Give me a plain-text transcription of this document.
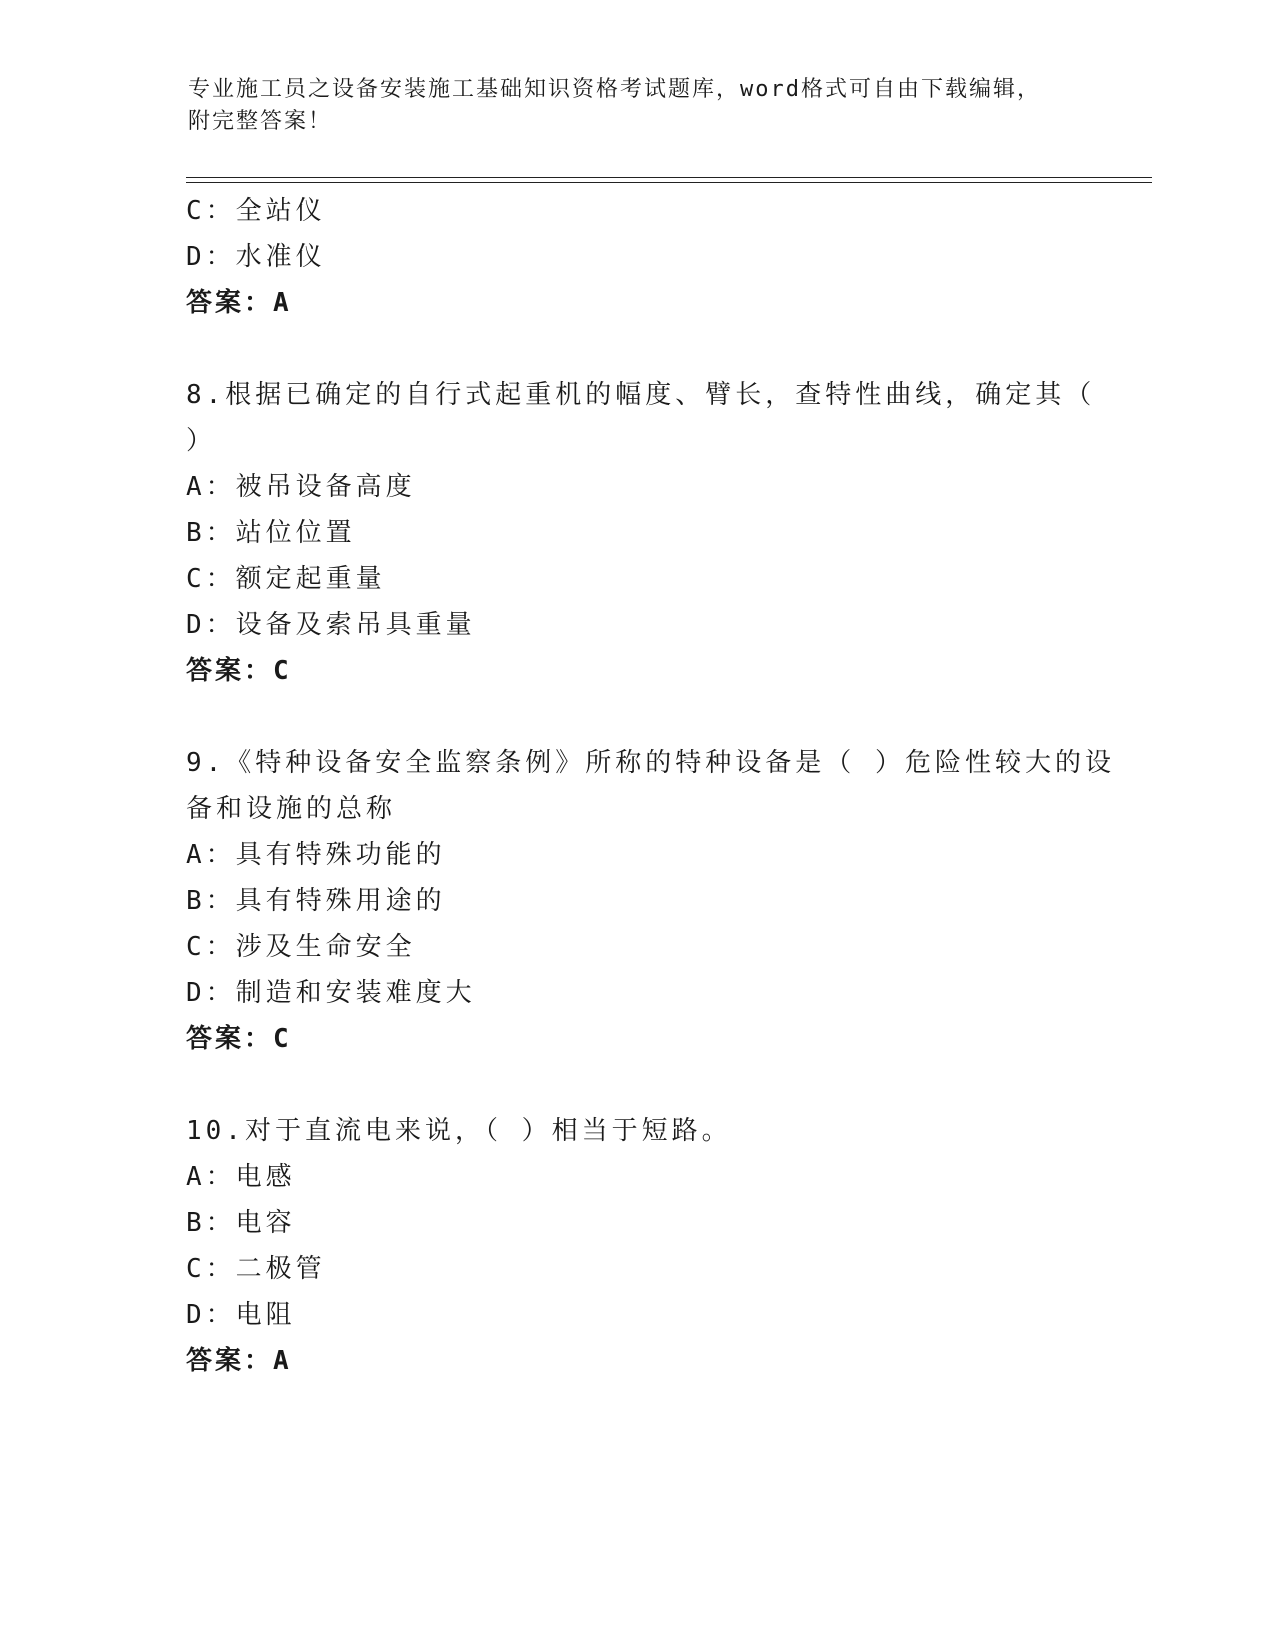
专业施工员之设备安装施工基础知识资格考试题库，word格式可自由下载编辑，
附完整答案！
C：全站仪
D：水准仪
答案：A
8.根据已确定的自行式起重机的幅度、臂长，查特性曲线，确定其（
）
A：被吊设备高度
B：站位位置
C：额定起重量
D：设备及索吊具重量
答案：C
9.《特种设备安全监察条例》所称的特种设备是（ ）危险性较大的设
备和设施的总称
A：具有特殊功能的
B：具有特殊用途的
C：涉及生命安全
D：制造和安装难度大
答案：C
10.对于直流电来说，（ ）相当于短路。
A：电感
B：电容
C：二极管
D：电阻
答案：A
